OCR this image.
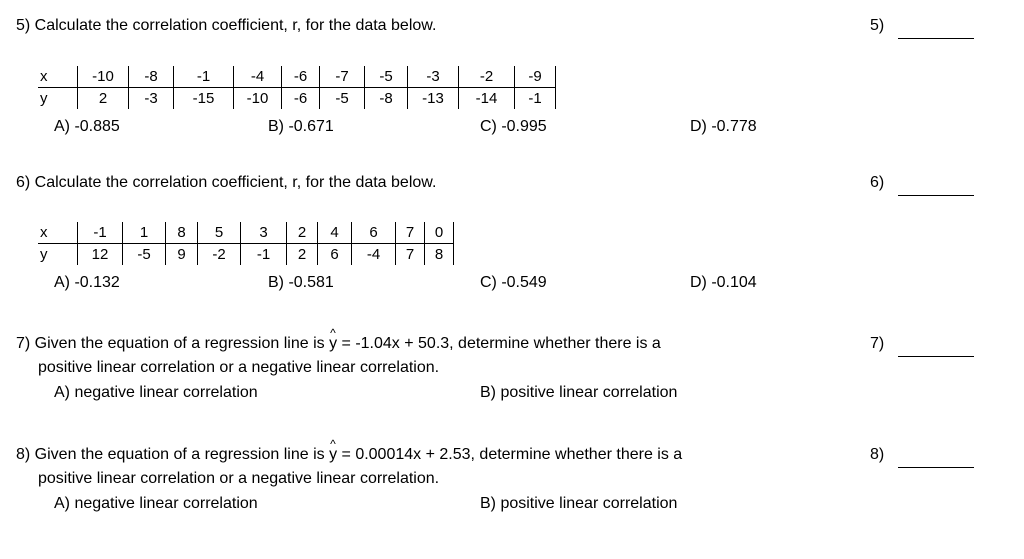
5) Calculate the correlation coefficient, r, for the data below.	5)
x	-10	-8	-1	-4	-6	-7	-5	-3	-2	-9
y	2	-3	-15	-10	-6	-5	-8	-13	-14	-1
A) -0.885	B) -0.671	C) -0.995	D) -0.778
6) Calculate the correlation coefficient, r, for the data below.	6)
x	-1	1	8	5	3	2	4	6	7	0
y	12	-5	9	-2	-1	2	6	-4	7	8
A) -0.132	B) -0.581	C) -0.549	D) -0.104
7) Given the equation of a regression line is ^ y = -1.04x + 50.3, determine whether there is a
positive linear correlation or a negative linear correlation.
7)
A) negative linear correlation	B) positive linear correlation
8) Given the equation of a regression line is ^ y = 0.00014x + 2.53, determine whether there is a
positive linear correlation or a negative linear correlation.
8)
A) negative linear correlation	B) positive linear correlation
